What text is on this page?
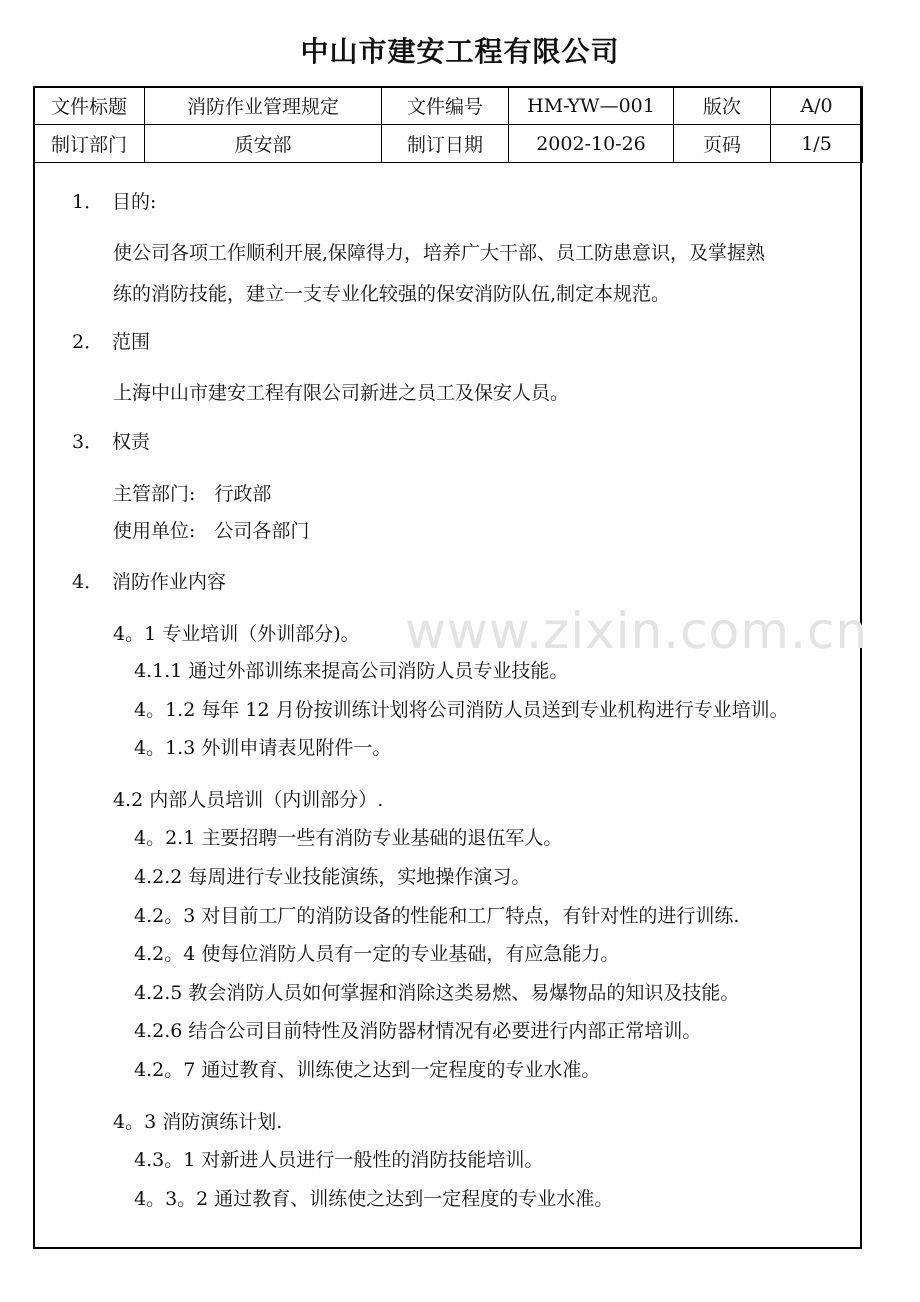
中山市建安工程有限公司
文件标题	消防作业管理规定	文件编号	HM-YW—001	版次	A/0
制订部门	质安部	制订日期	2002-10-26	页码	1/5
www.zixin.com.cn
1． 目的:
使公司各项工作顺利开展,保障得力，培养广大干部、员工防患意识，及掌握熟
练的消防技能，建立一支专业化较强的保安消防队伍,制定本规范。
2． 范围
上海中山市建安工程有限公司新进之员工及保安人员。
3． 权责
主管部门:　行政部
使用单位:　公司各部门
4． 消防作业内容
4。1 专业培训（外训部分)。
4.1.1 通过外部训练来提高公司消防人员专业技能。
4。1.2 每年 12 月份按训练计划将公司消防人员送到专业机构进行专业培训。
4。1.3 外训申请表见附件一。
4.2 内部人员培训（内训部分）.
4。2.1 主要招聘一些有消防专业基础的退伍军人。
4.2.2 每周进行专业技能演练，实地操作演习。
4.2。3 对目前工厂的消防设备的性能和工厂特点，有针对性的进行训练.
4.2。4 使每位消防人员有一定的专业基础，有应急能力。
4.2.5 教会消防人员如何掌握和消除这类易燃、易爆物品的知识及技能。
4.2.6 结合公司目前特性及消防器材情况有必要进行内部正常培训。
4.2。7 通过教育、训练使之达到一定程度的专业水准。
4。3 消防演练计划.
4.3。1 对新进人员进行一般性的消防技能培训。
4。3。2 通过教育、训练使之达到一定程度的专业水准。
